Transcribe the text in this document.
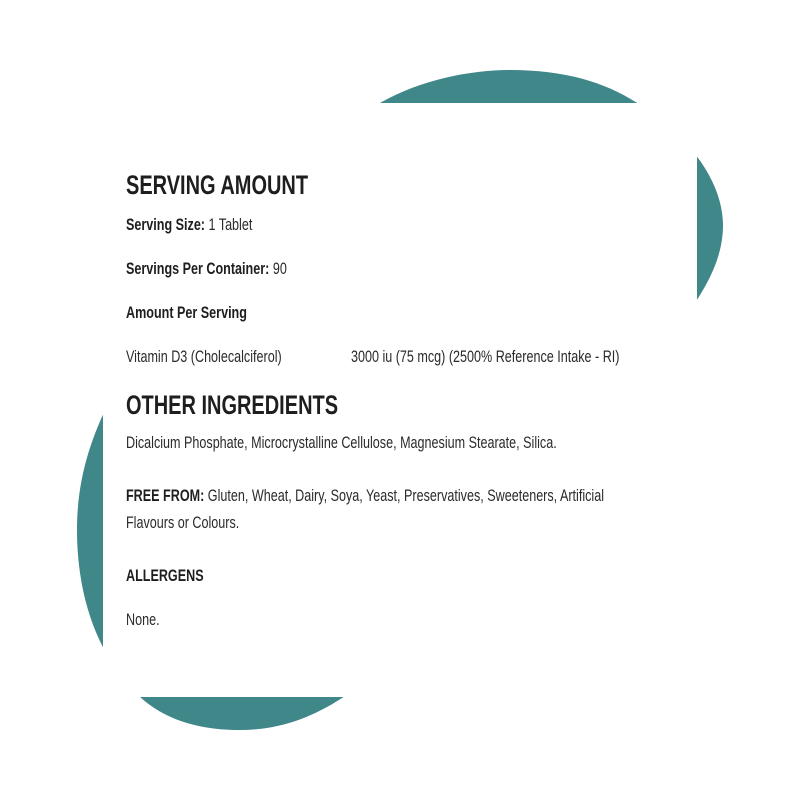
SERVING AMOUNT
Serving Size: 1 Tablet
Servings Per Container: 90
Amount Per Serving
Vitamin D3 (Cholecalciferol)	3000 iu (75 mcg) (2500% Reference Intake - RI)
OTHER INGREDIENTS
Dicalcium Phosphate, Microcrystalline Cellulose, Magnesium Stearate, Silica.
FREE FROM: Gluten, Wheat, Dairy, Soya, Yeast, Preservatives, Sweeteners, Artificial
Flavours or Colours.
ALLERGENS
None.
